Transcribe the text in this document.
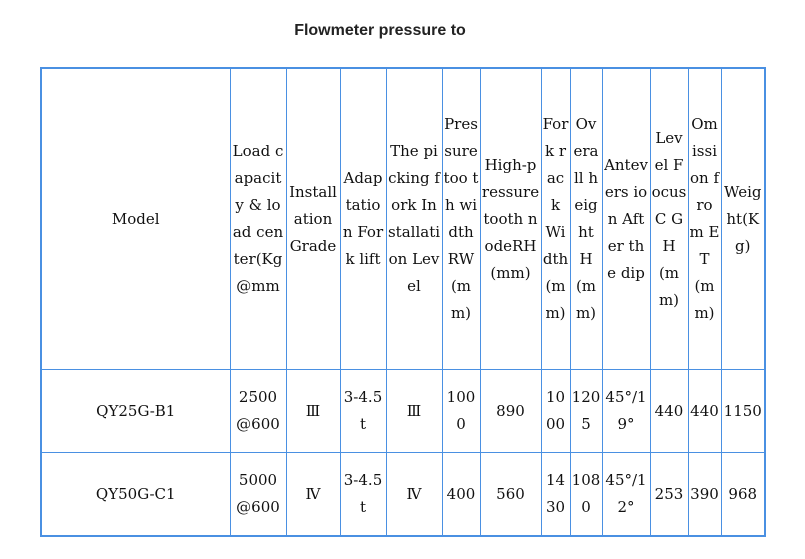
Flowmeter pressure to
Model	Load capacity & load center(Kg@mm	Installation Grade	Adaptation Fork lift	The picking fork Installation Level	Pressure too th width RW(mm)	High-pressure tooth nodeRH (mm)	Fork rack Width (mm)	Overall height H (mm)	Antevers ion After the dip	Level FocusC GH (mm)	Omission from ET (mm)	Weight(Kg)
QY25G-B1	2500@600	Ⅲ	3-4.5t	Ⅲ	1000	890	1000	1205	45°/19°	440	440	1150
QY50G-C1	5000@600	Ⅳ	3-4.5t	Ⅳ	400	560	1430	1080	45°/12°	253	390	968
